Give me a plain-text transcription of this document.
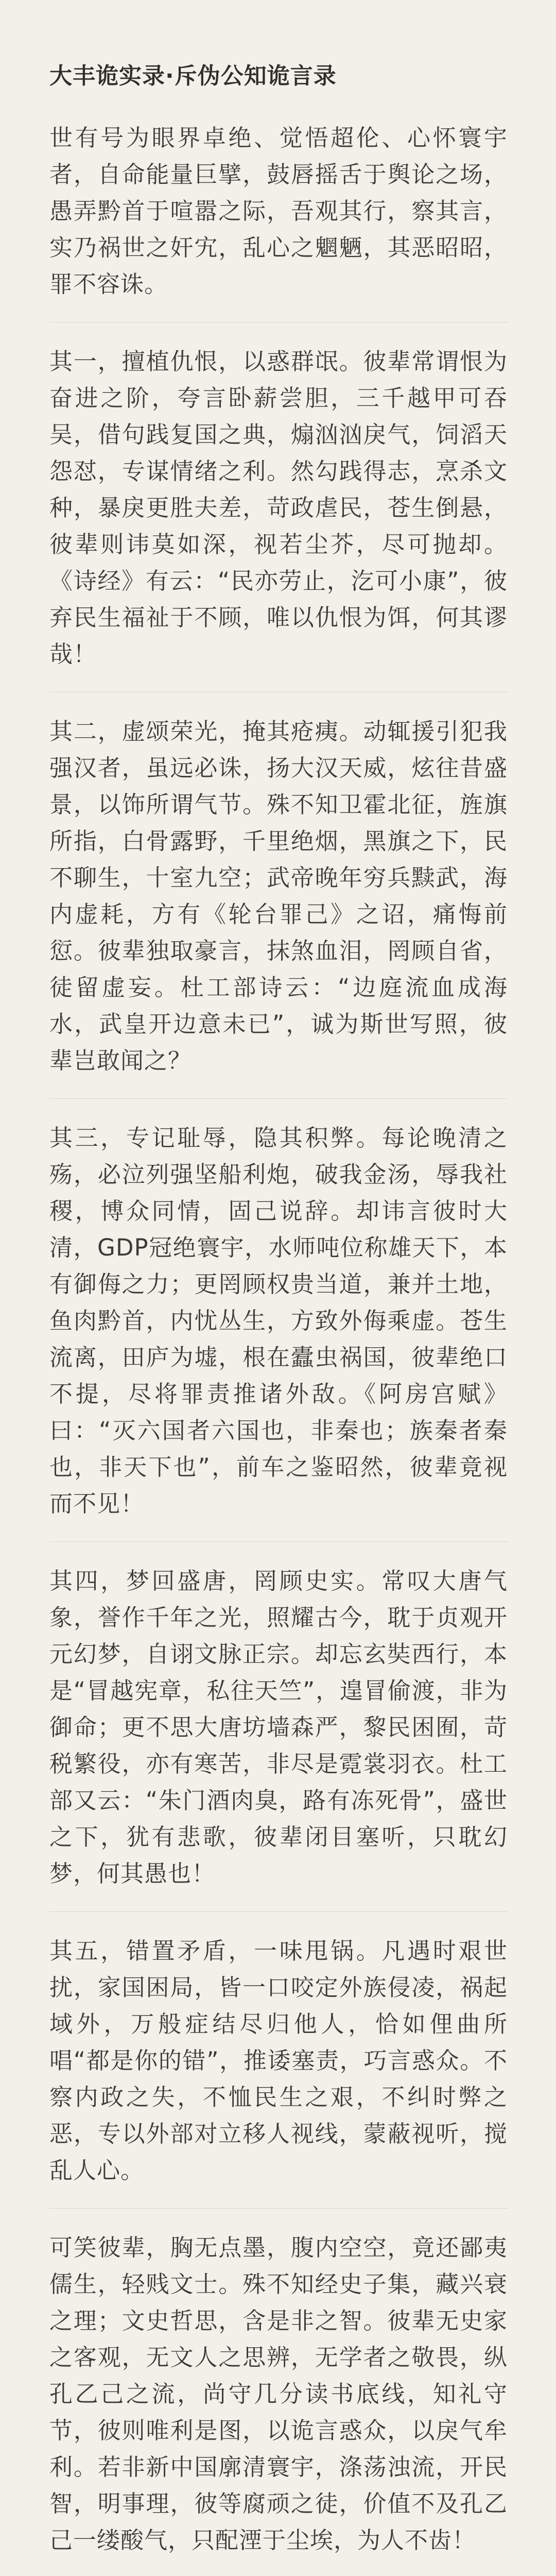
大丰诡实录·斥伪公知诡言录

世有号为眼界卓绝、觉悟超伦、心怀寰宇者，自命能量巨擘，鼓唇摇舌于舆论之场，愚弄黔首于喧嚣之际，吾观其行，察其言，实乃祸世之奸宄，乱心之魍魉，其恶昭昭，罪不容诛。

其一，擅植仇恨，以惑群氓。彼辈常谓恨为奋进之阶，夸言卧薪尝胆，三千越甲可吞吴，借句践复国之典，煽汹汹戾气，饲滔天怨怼，专谋情绪之利。然勾践得志，烹杀文种，暴戾更胜夫差，苛政虐民，苍生倒悬，彼辈则讳莫如深，视若尘芥，尽可抛却。《诗经》有云：“民亦劳止，汔可小康”，彼弃民生福祉于不顾，唯以仇恨为饵，何其谬哉！

其二，虚颂荣光，掩其疮痍。动辄援引犯我强汉者，虽远必诛，扬大汉天威，炫往昔盛景，以饰所谓气节。殊不知卫霍北征，旌旗所指，白骨露野，千里绝烟，黑旗之下，民不聊生，十室九空；武帝晚年穷兵黩武，海内虚耗，方有《轮台罪己》之诏，痛悔前愆。彼辈独取豪言，抹煞血泪，罔顾自省，徒留虚妄。杜工部诗云：“边庭流血成海水，武皇开边意未已”，诚为斯世写照，彼辈岂敢闻之？

其三，专记耻辱，隐其积弊。每论晚清之殇，必泣列强坚船利炮，破我金汤，辱我社稷，博众同情，固己说辞。却讳言彼时大清，GDP冠绝寰宇，水师吨位称雄天下，本有御侮之力；更罔顾权贵当道，兼并土地，鱼肉黔首，内忧丛生，方致外侮乘虚。苍生流离，田庐为墟，根在蠹虫祸国，彼辈绝口不提，尽将罪责推诸外敌。《阿房宫赋》曰：“灭六国者六国也，非秦也；族秦者秦也，非天下也”，前车之鉴昭然，彼辈竟视而不见！

其四，梦回盛唐，罔顾史实。常叹大唐气象，誉作千年之光，照耀古今，耽于贞观开元幻梦，自诩文脉正宗。却忘玄奘西行，本是“冒越宪章，私往天竺”，遑冒偷渡，非为御命；更不思大唐坊墙森严，黎民困囿，苛税繁役，亦有寒苦，非尽是霓裳羽衣。杜工部又云：“朱门酒肉臭，路有冻死骨”，盛世之下，犹有悲歌，彼辈闭目塞听，只耽幻梦，何其愚也！

其五，错置矛盾，一味甩锅。凡遇时艰世扰，家国困局，皆一口咬定外族侵凌，祸起域外，万般症结尽归他人，恰如俚曲所唱“都是你的错”，推诿塞责，巧言惑众。不察内政之失，不恤民生之艰，不纠时弊之恶，专以外部对立移人视线，蒙蔽视听，搅乱人心。

可笑彼辈，胸无点墨，腹内空空，竟还鄙夷儒生，轻贱文士。殊不知经史子集，藏兴衰之理；文史哲思，含是非之智。彼辈无史家之客观，无文人之思辨，无学者之敬畏，纵孔乙己之流，尚守几分读书底线，知礼守节，彼则唯利是图，以诡言惑众，以戾气牟利。若非新中国廓清寰宇，涤荡浊流，开民智，明事理，彼等腐顽之徒，价值不及孔乙己一缕酸气，只配湮于尘埃，为人不齿！
